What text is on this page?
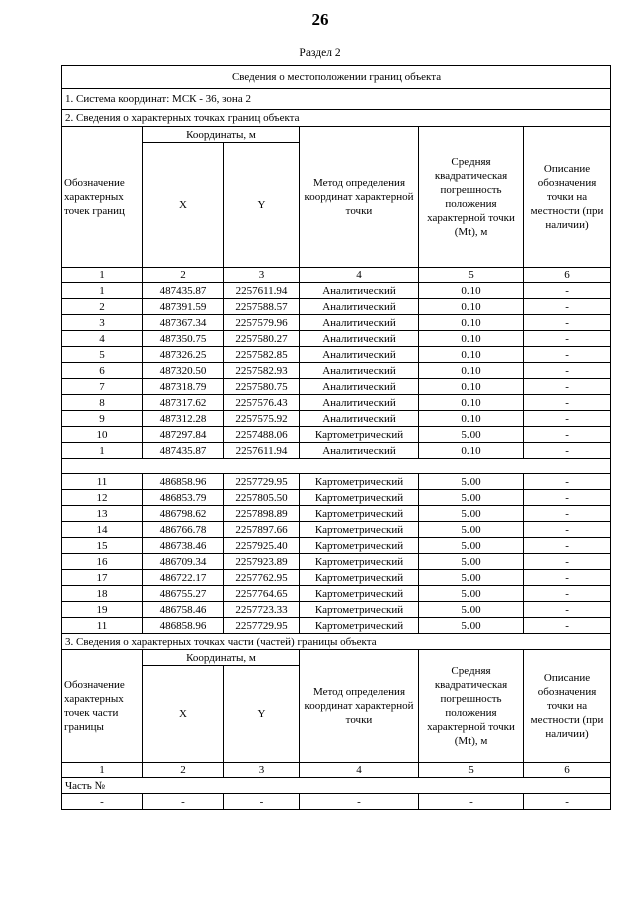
26
Раздел 2
Сведения о местоположении границ объекта					
1. Система координат: МСК - 36, зона 2					
2. Сведения о характерных точках границ объекта					
Обозначение характерных точек границ	Координаты, м		Метод определения координат характерной точки	Средняя квадратическая погрешность положения характерной точки (Mt), м	Описание обозначения точки на местности (при наличии)
	X	Y			
1	2	3	4	5	6
1	487435.87	2257611.94	Аналитический	0.10	-
2	487391.59	2257588.57	Аналитический	0.10	-
3	487367.34	2257579.96	Аналитический	0.10	-
4	487350.75	2257580.27	Аналитический	0.10	-
5	487326.25	2257582.85	Аналитический	0.10	-
6	487320.50	2257582.93	Аналитический	0.10	-
7	487318.79	2257580.75	Аналитический	0.10	-
8	487317.62	2257576.43	Аналитический	0.10	-
9	487312.28	2257575.92	Аналитический	0.10	-
10	487297.84	2257488.06	Картометрический	5.00	-
1	487435.87	2257611.94	Аналитический	0.10	-

11	486858.96	2257729.95	Картометрический	5.00	-
12	486853.79	2257805.50	Картометрический	5.00	-
13	486798.62	2257898.89	Картометрический	5.00	-
14	486766.78	2257897.66	Картометрический	5.00	-
15	486738.46	2257925.40	Картометрический	5.00	-
16	486709.34	2257923.89	Картометрический	5.00	-
17	486722.17	2257762.95	Картометрический	5.00	-
18	486755.27	2257764.65	Картометрический	5.00	-
19	486758.46	2257723.33	Картометрический	5.00	-
11	486858.96	2257729.95	Картометрический	5.00	-
3. Сведения о характерных точках части (частей) границы объекта					
Обозначение характерных точек части границы	Координаты, м		Метод определения координат характерной точки	Средняя квадратическая погрешность положения характерной точки (Mt), м	Описание обозначения точки на местности (при наличии)
	X	Y			
1	2	3	4	5	6
Часть №					
-	-	-	-	-	-
